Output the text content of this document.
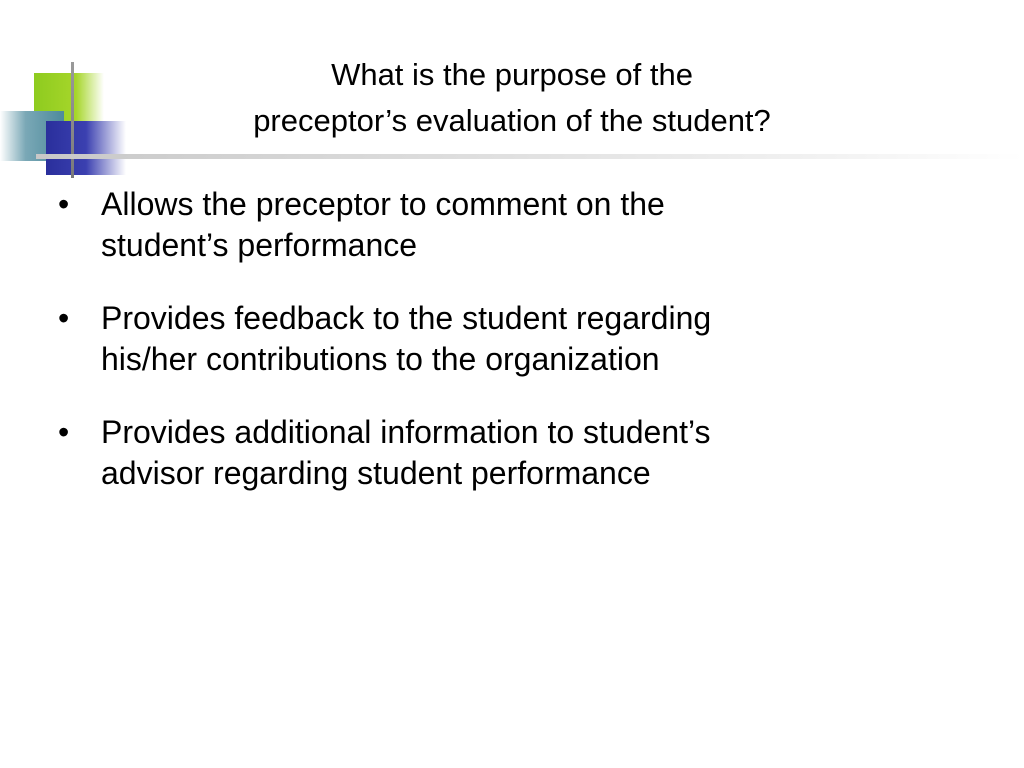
What is the purpose of the
preceptor’s evaluation of the student?
• Allows the preceptor to comment on the
student’s performance
• Provides feedback to the student regarding
his/her contributions to the organization
• Provides additional information to student’s
advisor regarding student performance
